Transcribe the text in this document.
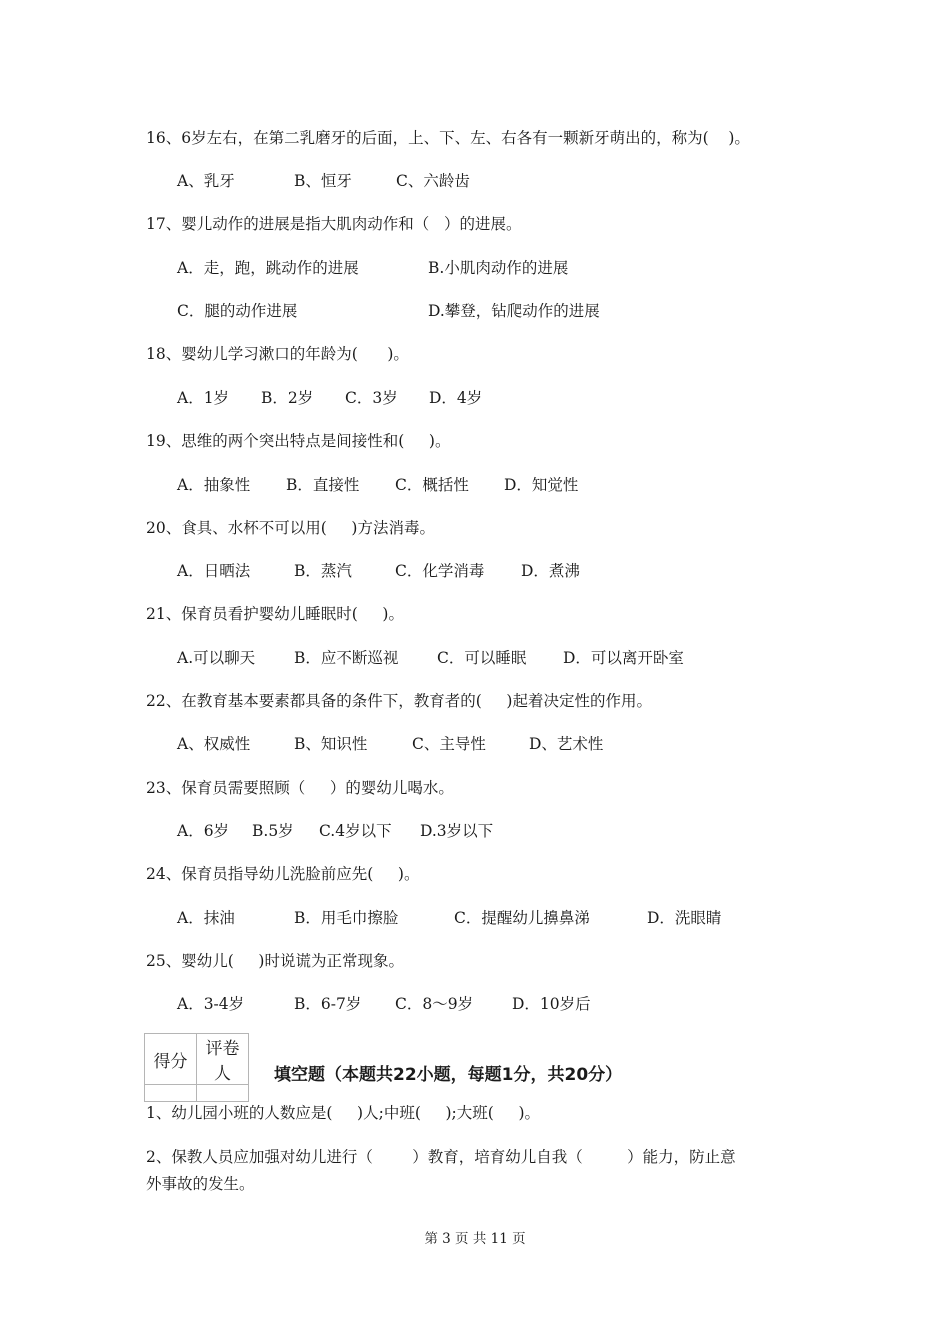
16、6岁左右，在第二乳磨牙的后面，上、下、左、右各有一颗新牙萌出的，称为(    )。
A、乳牙	B、恒牙	C、六龄齿
17、婴儿动作的进展是指大肌肉动作和（   ）的进展。
A．走，跑，跳动作的进展	B.小肌肉动作的进展
C．腿的动作进展	D.攀登，钻爬动作的进展
18、婴幼儿学习漱口的年龄为(      )。
A．1岁 B．2岁 C．3岁 D．4岁
19、思维的两个突出特点是间接性和(     )。
A．抽象性 B．直接性 C．概括性 D．知觉性
20、食具、水杯不可以用(     )方法消毒。
A．日晒法	B．蒸汽	C．化学消毒 D．煮沸
21、保育员看护婴幼儿睡眠时(     )。
A.可以聊天	B．应不断巡视 C．可以睡眠 D．可以离开卧室
22、在教育基本要素都具备的条件下，教育者的(     )起着决定性的作用。
A、权威性	B、知识性	C、主导性	D、艺术性
23、保育员需要照顾（     ）的婴幼儿喝水。
A．6岁 B.5岁 C.4岁以下 D.3岁以下
24、保育员指导幼儿洗脸前应先(     )。
A．抹油	B．用毛巾擦脸	C．提醒幼儿擤鼻涕	D．洗眼睛
25、婴幼儿(     )时说谎为正常现象。
A．3-4岁	B．6-7岁 C．8～9岁	D．10岁后
得分	评卷人
		填空题（本题共22小题，每题1分，共20分）
1、幼儿园小班的人数应是(     )人;中班(     );大班(     )。
2、保教人员应加强对幼儿进行（        ）教育，培育幼儿自我（         ）能力，防止意
外事故的发生。
第 3 页 共 11 页
